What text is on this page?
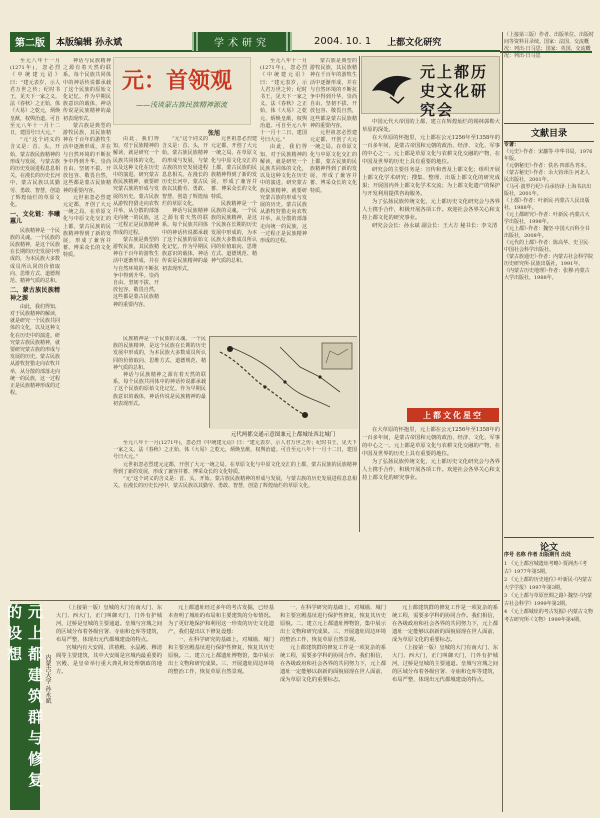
第二版	本版编辑 孙永斌	学术研究	2004. 10. 1 上都文化研究

至元八年十一月(1271年)，忽必烈《中统建元诏》曰：“建元表岁，示人君万世之传；纪时书王，见天下一家之义。法《春秋》之正始，体《大易》之乾元，炳焕皇猷，权舆治道。可自至元八年十一月十二日，建国号曰大元。”

“元”这个词义的含义是：首、头，开始。蒙古族民族精神的形成与发展，与蒙古族的历史发展进程息息相关。在漫长的历史长河中，蒙古民族以其勤劳、勇敢、智慧，创造了辉煌灿烂的草原文化。

一、文化链：李曦蕙儿

民族精神是一个民族的灵魂。一个民族的民族精神，是这个民族在长期的历史发展中形成的，为本民族大多数成员所认同的价值取向、思维方式、道德规范、精神气质的总和。

二、蒙古族民族精神之源

由此，我们得知，对于民族精神的解读，就是研究一个民族共同体的文化，以及这种文化在历史中的演进。研究蒙古族民族精神，就要研究蒙古族的形成与发展的历史。蒙古民族从游牧狩猎走向农牧并举，从分散的部落走向统一的民族，这一过程正是民族精神形成的过程。

神话与民族精神之源有着天然的联系。每个民族共同体中的神话传说都承载了这个民族的原始文化记忆。作为早期民族意识的载体，神话传说是民族精神的最初表现形式。

蒙古族是典型的游牧民族，其民族精神在千百年的游牧生活中逐渐形成，并在与自然环境的不断抗争中得到升华。崇尚自由、坚韧不拔、开放包容、敬畏自然，这些都是蒙古民族精神的重要内容。

元世祖忽必烈建元定都，开创了大元一统之局。在草原文化与中原文化交汇的上都，蒙古民族的民族精神得到了新的发展，形成了兼容并蓄、博采众长的文化特质。

元：首领观
——浅谈蒙古族民族精神源流
张旭

由此，我们得知，对于民族精神的解读，就是研究一个民族共同体的文化，以及这种文化在历史中的演进。研究蒙古族民族精神，就要研究蒙古族的形成与发展的历史。蒙古民族从游牧狩猎走向农牧并举，从分散的部落走向统一的民族，这一过程正是民族精神形成的过程。

蒙古族是典型的游牧民族，其民族精神在千百年的游牧生活中逐渐形成，并在与自然环境的不断抗争中得到升华。崇尚自由、坚韧不拔、开放包容、敬畏自然，这些都是蒙古民族精神的重要内容。

“元”这个词义的含义是：首、头，开始。蒙古族民族精神的形成与发展，与蒙古族的历史发展进程息息相关。在漫长的历史长河中，蒙古民族以其勤劳、勇敢、智慧，创造了辉煌灿烂的草原文化。

神话与民族精神之源有着天然的联系。每个民族共同体中的神话传说都承载了这个民族的原始文化记忆。作为早期民族意识的载体，神话传说是民族精神的最初表现形式。

元世祖忽必烈建元定都，开创了大元一统之局。在草原文化与中原文化交汇的上都，蒙古民族的民族精神得到了新的发展，形成了兼容并蓄、博采众长的文化特质。

民族精神是一个民族的灵魂。一个民族的民族精神，是这个民族在长期的历史发展中形成的，为本民族大多数成员所认同的价值取向、思维方式、道德规范、精神气质的总和。

至元八年十一月(1271年)，忽必烈《中统建元诏》曰：“建元表岁，示人君万世之传；纪时书王，见天下一家之义。法《春秋》之正始，体《大易》之乾元，炳焕皇猷，权舆治道。可自至元八年十一月十二日，建国号曰大元。”

由此，我们得知，对于民族精神的解读，就是研究一个民族共同体的文化，以及这种文化在历史中的演进。研究蒙古族民族精神，就要研究蒙古族的形成与发展的历史。蒙古民族从游牧狩猎走向农牧并举，从分散的部落走向统一的民族，这一过程正是民族精神形成的过程。

蒙古族是典型的游牧民族，其民族精神在千百年的游牧生活中逐渐形成，并在与自然环境的不断抗争中得到升华。崇尚自由、坚韧不拔、开放包容、敬畏自然，这些都是蒙古民族精神的重要内容。

元世祖忽必烈建元定都，开创了大元一统之局。在草原文化与中原文化交汇的上都，蒙古民族的民族精神得到了新的发展，形成了兼容并蓄、博采众长的文化特质。

元代两都交通示意图兼元上都城址西北城门

民族精神是一个民族的灵魂。一个民族的民族精神，是这个民族在长期的历史发展中形成的，为本民族大多数成员所认同的价值取向、思维方式、道德规范、精神气质的总和。

神话与民族精神之源有着天然的联系。每个民族共同体中的神话传说都承载了这个民族的原始文化记忆。作为早期民族意识的载体，神话传说是民族精神的最初表现形式。

至元八年十一月(1271年)，忽必烈《中统建元诏》曰：“建元表岁，示人君万世之传；纪时书王，见天下一家之义。法《春秋》之正始，体《大易》之乾元，炳焕皇猷，权舆治道。可自至元八年十一月十二日，建国号曰大元。”

元世祖忽必烈建元定都，开创了大元一统之局。在草原文化与中原文化交汇的上都，蒙古民族的民族精神得到了新的发展，形成了兼容并蓄、博采众长的文化特质。

“元”这个词义的含义是：首、头，开始。蒙古族民族精神的形成与发展，与蒙古族的历史发展进程息息相关。在漫长的历史长河中，蒙古民族以其勤劳、勇敢、智慧，创造了辉煌灿烂的草原文化。

元上都历史文化研究会

中国元代大帝国的上都，建立在辉煌灿烂的锡林郭勒大草原的深处。

在大草原的怀抱里，元上都在公元1256年至1358年的一百多年间，是蒙古帝国和元朝的政治、经济、文化、军事的中心之一。元上都是草原文化与农耕文化交融的产物，在中国及世界的历史上具有重要的地位。

研究会的主要任务是：宣传和普及上都文化；组织开展上都文化学术研究；搜集、整理、出版上都文化的研究成果；开展国内外上都文化学术交流；为上都文化遗产的保护与开发利用提供咨询服务。

为了弘扬民族传统文化，元上都历史文化研究会与各界人士携手合作，积极开展各项工作。欢迎社会各界关心和支持上都文化的研究事业。

研究会会长：孙永斌 副会长：王大方 秘书长：李文清

上都文化星空

在大草原的怀抱里，元上都在公元1256年至1358年的一百多年间，是蒙古帝国和元朝的政治、经济、文化、军事的中心之一。元上都是草原文化与农耕文化交融的产物，在中国及世界的历史上具有重要的地位。

为了弘扬民族传统文化，元上都历史文化研究会与各界人士携手合作，积极开展各项工作。欢迎社会各界关心和支持上都文化的研究事业。

（上接第三版）作者、出版单位、出版时间等资料目录续。国家：法国、交流概况：列出·日马思；国家：英国、交流概况：列出·日马思
文献目录
专著：
《元史》·作者：宋濂等·中华书局，1976年版。
《元朝秘史》·作者：佚名·四部丛刊本。
《蒙古秘史》·作者：余大钧译注·河北人民出版社，2001年。
《马可·波罗行纪》·冯承钧译·上海书店出版社，2001年。
《上都》·作者：叶新民·内蒙古人民出版社，1988年。
《元上都研究》·作者：叶新民·内蒙古大学出版社，1998年。
《元上都》·作者：魏坚·中国大百科全书出版社，2008年。
《元代的上都》·作者：陈高华、史卫民·中国社会科学出版社。
《蒙古族通史》·作者：内蒙古社会科学院历史研究所·民族出版社，1991年。
《内蒙古历史地理》·作者：张穆·内蒙古大学出版社，1988年。
论文
序号 名称 作者 出版期刊 出处
1 《元上都宫城遗址考略》·贾洲杰·《考古》1977年第5期。
2 《元上都的历史地位》·叶新民·《内蒙古大学学报》1997年第3期。
3 《元上都与草原丝绸之路》·魏坚·《内蒙古社会科学》1999年第2期。
4 《元上都城址的考古发掘》·内蒙古文物考古研究所·《文物》1999年第4期。
元上都建筑群与修复的设想
内蒙古大学 孙永斌

（上接第一版）皇城的大门有南大门、东大门、西大门，正门叫御天门，门外有护城河，过桥是皇城的主要通道。皇城与宫城之间的区域分布着各级官署、寺庙和仓库等建筑，布局严整，体现出元代都城建设的特点。

宫城内有大安阁、洪禧殿、水晶殿、穆清阁等主要建筑，其中大安阁是宫城内最重要的宫殿，是皇帝举行重大典礼和处理朝政的地方。

元上都遗址经过多年的考古发掘，已经基本查明了城址的布局和主要建筑的分布情况。为了更好地保护和利用这一珍贵的历史文化遗产，我们提出以下修复设想：

一、在科学研究的基础上，对城墙、城门和主要宫殿基址进行保护性修复，恢复其历史原貌。二、建立元上都遗址博物馆，集中展示出土文物和研究成果。三、开展遗址周边环境的整治工作，恢复草原自然景观。

一、在科学研究的基础上，对城墙、城门和主要宫殿基址进行保护性修复，恢复其历史原貌。二、建立元上都遗址博物馆，集中展示出土文物和研究成果。三、开展遗址周边环境的整治工作，恢复草原自然景观。

元上都建筑群的修复工作是一项复杂的系统工程，需要多学科的协同合作。我们相信，在各级政府和社会各界的共同努力下，元上都遗址一定能够以崭新的面貌展现在世人面前，成为草原文化的重要标志。

元上都建筑群的修复工作是一项复杂的系统工程，需要多学科的协同合作。我们相信，在各级政府和社会各界的共同努力下，元上都遗址一定能够以崭新的面貌展现在世人面前，成为草原文化的重要标志。

（上接第一版）皇城的大门有南大门、东大门、西大门，正门叫御天门，门外有护城河，过桥是皇城的主要通道。皇城与宫城之间的区域分布着各级官署、寺庙和仓库等建筑，布局严整，体现出元代都城建设的特点。
